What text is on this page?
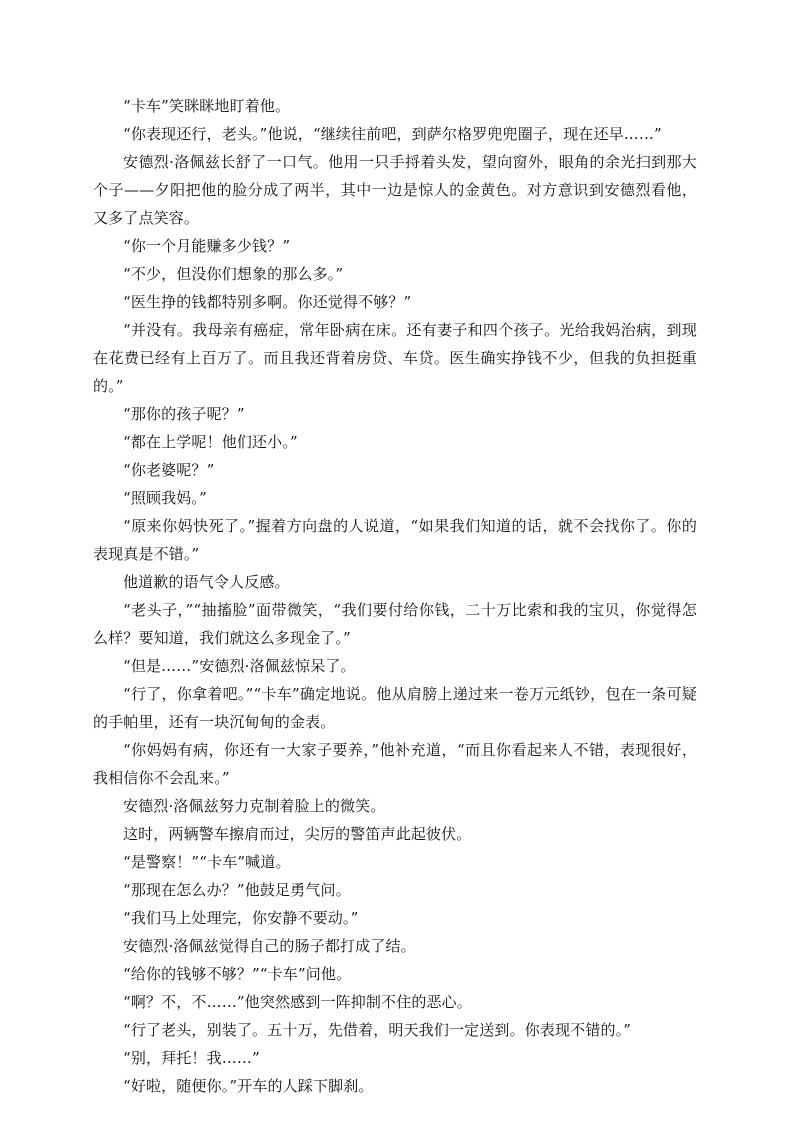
“卡车”笑眯眯地盯着他。

“你表现还行，老头。”他说，“继续往前吧，到萨尔格罗兜兜圈子，现在还早……”

安德烈·洛佩兹长舒了一口气。他用一只手捋着头发，望向窗外，眼角的余光扫到那大个子——夕阳把他的脸分成了两半，其中一边是惊人的金黄色。对方意识到安德烈看他，又多了点笑容。

“你一个月能赚多少钱？”

“不少，但没你们想象的那么多。”

“医生挣的钱都特别多啊。你还觉得不够？”

“并没有。我母亲有癌症，常年卧病在床。还有妻子和四个孩子。光给我妈治病，到现在花费已经有上百万了。而且我还背着房贷、车贷。医生确实挣钱不少，但我的负担挺重的。”

“那你的孩子呢？”

“都在上学呢！他们还小。”

“你老婆呢？”

“照顾我妈。”

“原来你妈快死了。”握着方向盘的人说道，“如果我们知道的话，就不会找你了。你的表现真是不错。”

他道歉的语气令人反感。

“老头子，”“抽搐脸”面带微笑，“我们要付给你钱，二十万比索和我的宝贝，你觉得怎么样？要知道，我们就这么多现金了。”

“但是……”安德烈·洛佩兹惊呆了。

“行了，你拿着吧。”“卡车”确定地说。他从肩膀上递过来一卷万元纸钞，包在一条可疑的手帕里，还有一块沉甸甸的金表。

“你妈妈有病，你还有一大家子要养，”他补充道，“而且你看起来人不错，表现很好，我相信你不会乱来。”

安德烈·洛佩兹努力克制着脸上的微笑。

这时，两辆警车擦肩而过，尖厉的警笛声此起彼伏。

“是警察！”“卡车”喊道。

“那现在怎么办？”他鼓足勇气问。

“我们马上处理完，你安静不要动。”

安德烈·洛佩兹觉得自己的肠子都打成了结。

“给你的钱够不够？”“卡车”问他。

“啊？不，不……”他突然感到一阵抑制不住的恶心。

“行了老头，别装了。五十万，先借着，明天我们一定送到。你表现不错的。”

“别，拜托！我……”

“好啦，随便你。”开车的人踩下脚刹。
